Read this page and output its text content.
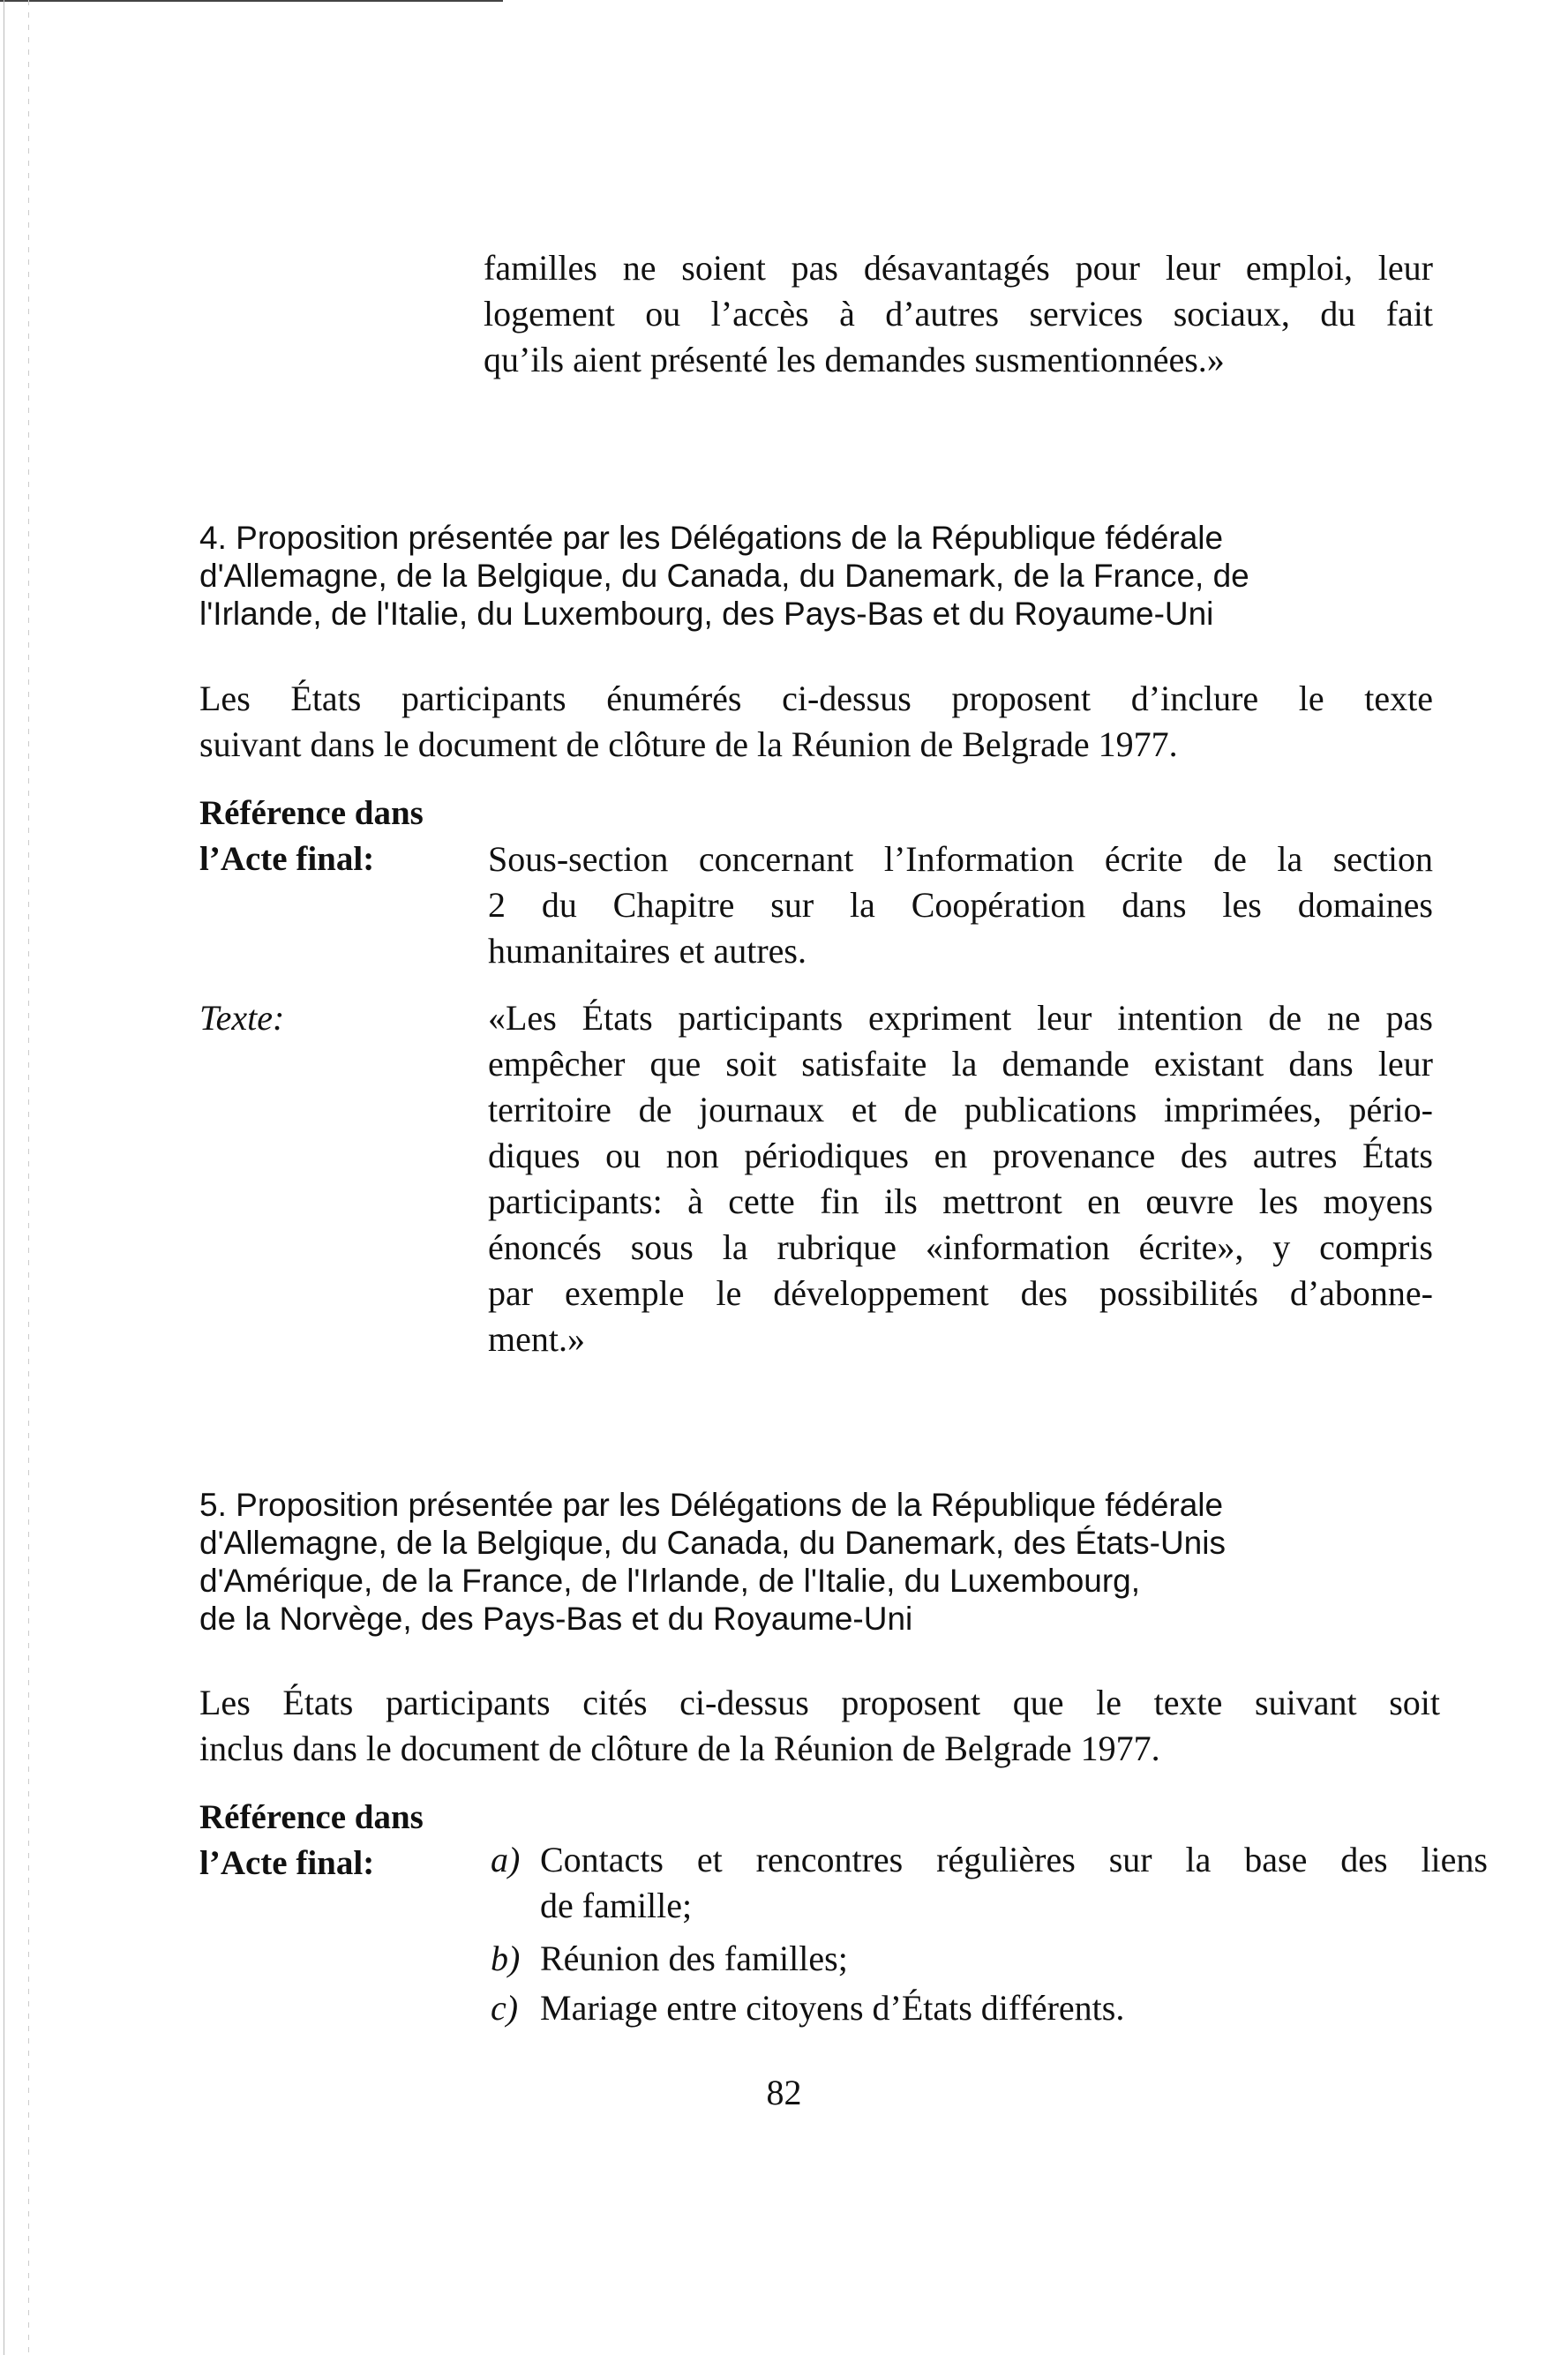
familles ne soient pas désavantagés pour leur emploi, leur

logement ou l’accès à d’autres services sociaux, du fait

qu’ils aient présenté les demandes susmentionnées.»

4. Proposition présentée par les Délégations de la République fédérale

d'Allemagne, de la Belgique, du Canada, du Danemark, de la France, de

l'Irlande, de l'Italie, du Luxembourg, des Pays-Bas et du Royaume-Uni

Les États participants énumérés ci-dessus proposent d’inclure le texte

suivant dans le document de clôture de la Réunion de Belgrade 1977.

Référence dans

l’Acte final:	Sous-section concernant l’Information écrite de la section

2 du Chapitre sur la Coopération dans les domaines

humanitaires et autres.

Texte:	«Les États participants expriment leur intention de ne pas

empêcher que soit satisfaite la demande existant dans leur

territoire de journaux et de publications imprimées, pério-

diques ou non périodiques en provenance des autres États

participants: à cette fin ils mettront en œuvre les moyens

énoncés sous la rubrique «information écrite», y compris

par exemple le développement des possibilités d’abonne-

ment.»

5. Proposition présentée par les Délégations de la République fédérale

d'Allemagne, de la Belgique, du Canada, du Danemark, des États-Unis

d'Amérique, de la France, de l'Irlande, de l'Italie, du Luxembourg,

de la Norvège, des Pays-Bas et du Royaume-Uni

Les États participants cités ci-dessus proposent que le texte suivant soit

inclus dans le document de clôture de la Réunion de Belgrade 1977.

Référence dans

l’Acte final:	a) Contacts et rencontres régulières sur la base des liens
de famille;
b) Réunion des familles;
c) Mariage entre citoyens d’États différents.
82
